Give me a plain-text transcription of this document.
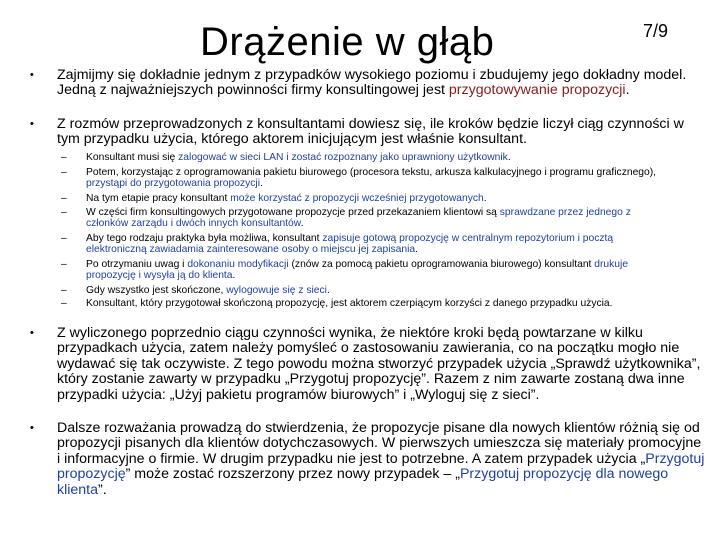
Drążenie w głąb	7/9
• Zajmijmy się dokładnie jednym z przypadków wysokiego poziomu i zbudujemy jego dokładny model. Jedną z najważniejszych powinności firmy konsultingowej jest przygotowywanie propozycji.
• Z rozmów przeprowadzonych z konsultantami dowiesz się, ile kroków będzie liczył ciąg czynności w tym przypadku użycia, którego aktorem inicjującym jest właśnie konsultant.
– Konsultant musi się zalogować w sieci LAN i zostać rozpoznany jako uprawniony użytkownik.
– Potem, korzystając z oprogramowania pakietu biurowego (procesora tekstu, arkusza kalkulacyjnego i programu graficznego), przystąpi do przygotowania propozycji.
– Na tym etapie pracy konsultant może korzystać z propozycji wcześniej przygotowanych.
– W części firm konsultingowych przygotowane propozycje przed przekazaniem klientowi są sprawdzane przez jednego z członków zarządu i dwóch innych konsultantów.
– Aby tego rodzaju praktyka była możliwa, konsultant zapisuje gotową propozycję w centralnym repozytorium i pocztą elektroniczną zawiadamia zainteresowane osoby o miejscu jej zapisania.
– Po otrzymaniu uwag i dokonaniu modyfikacji (znów za pomocą pakietu oprogramowania biurowego) konsultant drukuje propozycję i wysyła ją do klienta.
– Gdy wszystko jest skończone, wylogowuje się z sieci.
– Konsultant, który przygotował skończoną propozycję, jest aktorem czerpiącym korzyści z danego przypadku użycia.
• Z wyliczonego poprzednio ciągu czynności wynika, że niektóre kroki będą powtarzane w kilku przypadkach użycia, zatem należy pomyśleć o zastosowaniu zawierania, co na początku mogło nie wydawać się tak oczywiste. Z tego powodu można stworzyć przypadek użycia „Sprawdź użytkownika”, który zostanie zawarty w przypadku „Przygotuj propozycję”. Razem z nim zawarte zostaną dwa inne przypadki użycia: „Użyj pakietu programów biurowych” i „Wyloguj się z sieci”.
• Dalsze rozważania prowadzą do stwierdzenia, że propozycje pisane dla nowych klientów różnią się od propozycji pisanych dla klientów dotychczasowych. W pierwszych umieszcza się materiały promocyjne i informacyjne o firmie. W drugim przypadku nie jest to potrzebne. A zatem przypadek użycia „Przygotuj propozycję” może zostać rozszerzony przez nowy przypadek – „Przygotuj propozycję dla nowego klienta”.
